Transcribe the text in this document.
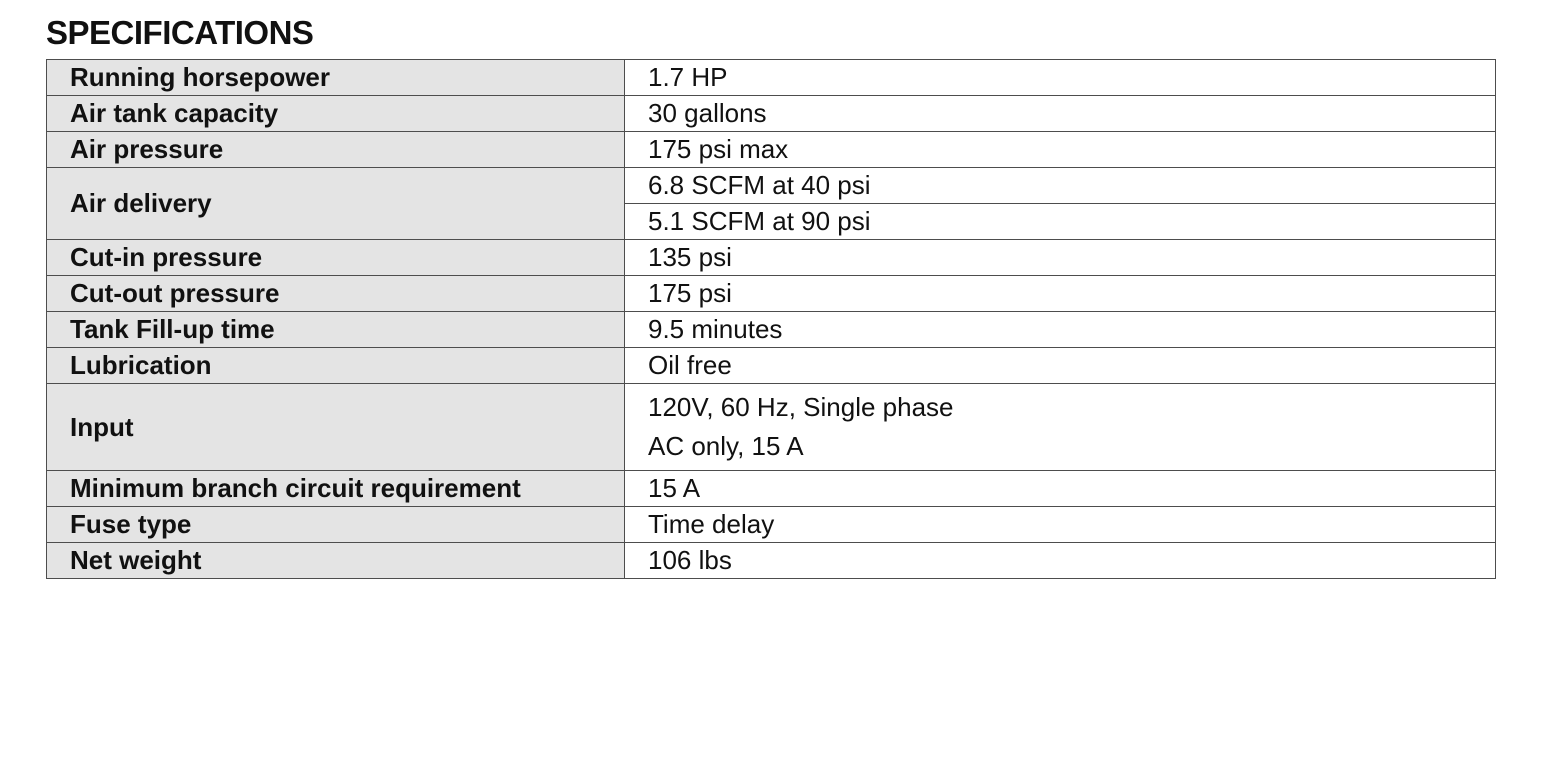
SPECIFICATIONS
Running horsepower	1.7 HP
Air tank capacity	30 gallons
Air pressure	175 psi max
Air delivery	6.8 SCFM at 40 psi
	5.1 SCFM at 90 psi
Cut-in pressure	135 psi
Cut-out pressure	175 psi
Tank Fill-up time	9.5 minutes
Lubrication	Oil free
Input	120V, 60 Hz, Single phase
AC only, 15 A

Minimum branch circuit requirement	15 A
Fuse type	Time delay
Net weight	106 lbs
